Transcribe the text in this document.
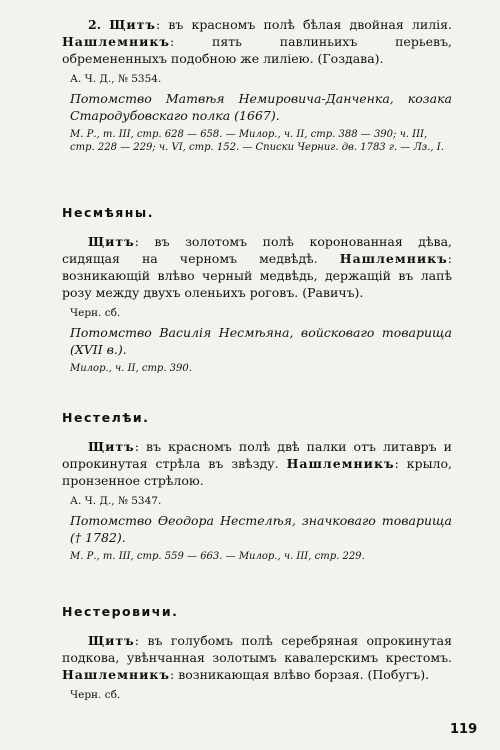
2. Щитъ: въ красномъ полѣ бѣлая двойная лилія. Нашлемникъ: пять павлиньихъ перьевъ, обремененныхъ подобною же лиліею. (Гоздава).

А. Ч. Д., № 5354.

Потомство Матвѣя Немировича-Данченка, козака Стародубовскаго полка (1667).

М. Р., т. III, стр. 628 — 658. — Милор., ч. II, стр. 388 — 390; ч. III, стр. 228 — 229; ч. VI, стр. 152. — Списки Черниг. дв. 1783 г. — Лз., I.

Несмѣяны.

Щитъ: въ золотомъ полѣ коронованная дѣва, сидящая на черномъ медвѣдѣ. Нашлемникъ: возникающій влѣво черный медвѣдь, держащій въ лапѣ розу между двухъ оленьихъ роговъ. (Равичъ).

Черн. сб.

Потомство Василія Несмѣяна, войсковаго товарища (XVII в.).

Милор., ч. II, стр. 390.

Нестелѣи.

Щитъ: въ красномъ полѣ двѣ палки отъ литавръ и опрокинутая стрѣла въ звѣзду. Нашлемникъ: крыло, пронзенное стрѣлою.

А. Ч. Д., № 5347.

Потомство Ѳеодора Нестелѣя, значковаго товарища († 1782).

М. Р., т. III, стр. 559 — 663. — Милор., ч. III, стр. 229.

Нестеровичи.

Щитъ: въ голубомъ полѣ серебряная опрокинутая подкова, увѣнчанная золотымъ кавалерскимъ крестомъ. Нашлемникъ: возникающая влѣво борзая. (Побугъ).

Черн. сб.

119
